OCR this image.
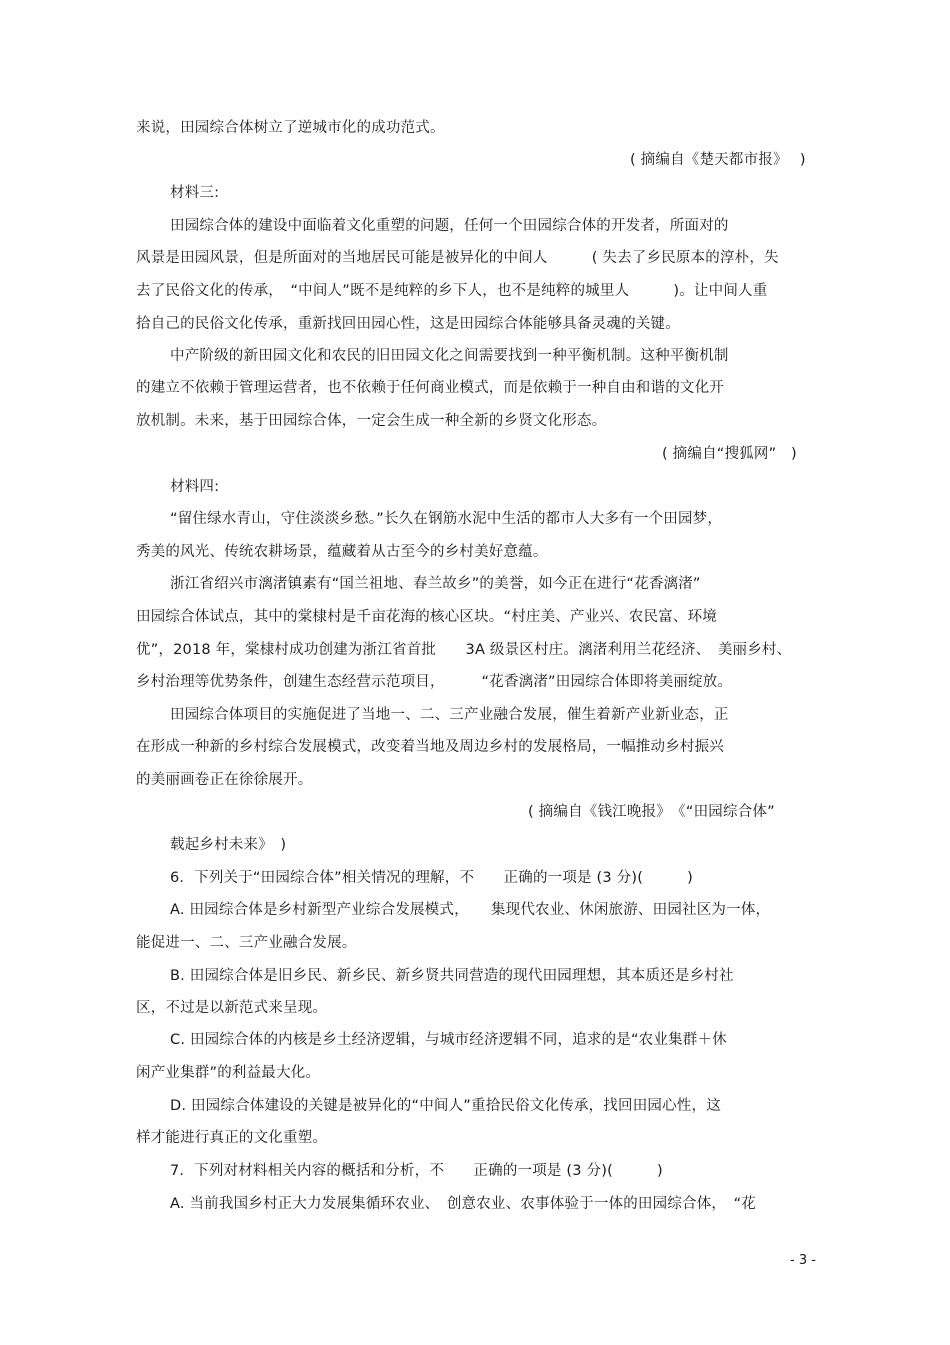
来说，田园综合体树立了逆城市化的成功范式。
( 摘编自《楚天都市报》　 )
材料三:
田园综合体的建设中面临着文化重塑的问题，任何一个田园综合体的开发者，所面对的
风景是田园风景，但是所面对的当地居民可能是被异化的中间人　　　( 失去了乡民原本的淳朴，失
去了民俗文化的传承，　“中间人”既不是纯粹的乡下人，也不是纯粹的城里人　　　)。让中间人重
拾自己的民俗文化传承，重新找回田园心性，这是田园综合体能够具备灵魂的关键。
中产阶级的新田园文化和农民的旧田园文化之间需要找到一种平衡机制。这种平衡机制
的建立不依赖于管理运营者，也不依赖于任何商业模式，而是依赖于一种自由和谐的文化开
放机制。未来，基于田园综合体，一定会生成一种全新的乡贤文化形态。
( 摘编自“搜狐网”　)
材料四:
“留住绿水青山，守住淡淡乡愁。”长久在钢筋水泥中生活的都市人大多有一个田园梦，
秀美的风光、传统农耕场景，蕴藏着从古至今的乡村美好意蕴。
浙江省绍兴市漓渚镇素有“国兰祖地、春兰故乡”的美誉，如今正在进行“花香漓渚”
田园综合体试点，其中的棠棣村是千亩花海的核心区块。“村庄美、产业兴、农民富、环境
优”，2018 年，棠棣村成功创建为浙江省首批　　3A 级景区村庄。漓渚利用兰花经济、　美丽乡村、
乡村治理等优势条件，创建生态经营示范项目，　　　“花香漓渚”田园综合体即将美丽绽放。
田园综合体项目的实施促进了当地一、二、三产业融合发展，催生着新产业新业态，正
在形成一种新的乡村综合发展模式，改变着当地及周边乡村的发展格局，一幅推动乡村振兴
的美丽画卷正在徐徐展开。
( 摘编自《钱江晚报》　《“田园综合体”
载起乡村未来》　)
6．下列关于“田园综合体”相关情况的理解，不　　正确的一项是 (3 分)(　　　)
A. 田园综合体是乡村新型产业综合发展模式，　　集现代农业、休闲旅游、田园社区为一体，
能促进一、二、三产业融合发展。
B. 田园综合体是旧乡民、新乡民、新乡贤共同营造的现代田园理想，其本质还是乡村社
区，不过是以新范式来呈现。
C. 田园综合体的内核是乡土经济逻辑，与城市经济逻辑不同，追求的是“农业集群＋休
闲产业集群”的利益最大化。
D. 田园综合体建设的关键是被异化的“中间人”重拾民俗文化传承，找回田园心性，这
样才能进行真正的文化重塑。
7．下列对材料相关内容的概括和分析，不　　正确的一项是 (3 分)(　　　)
A. 当前我国乡村正大力发展集循环农业、　创意农业、农事体验于一体的田园综合体，　“花
- 3 -
